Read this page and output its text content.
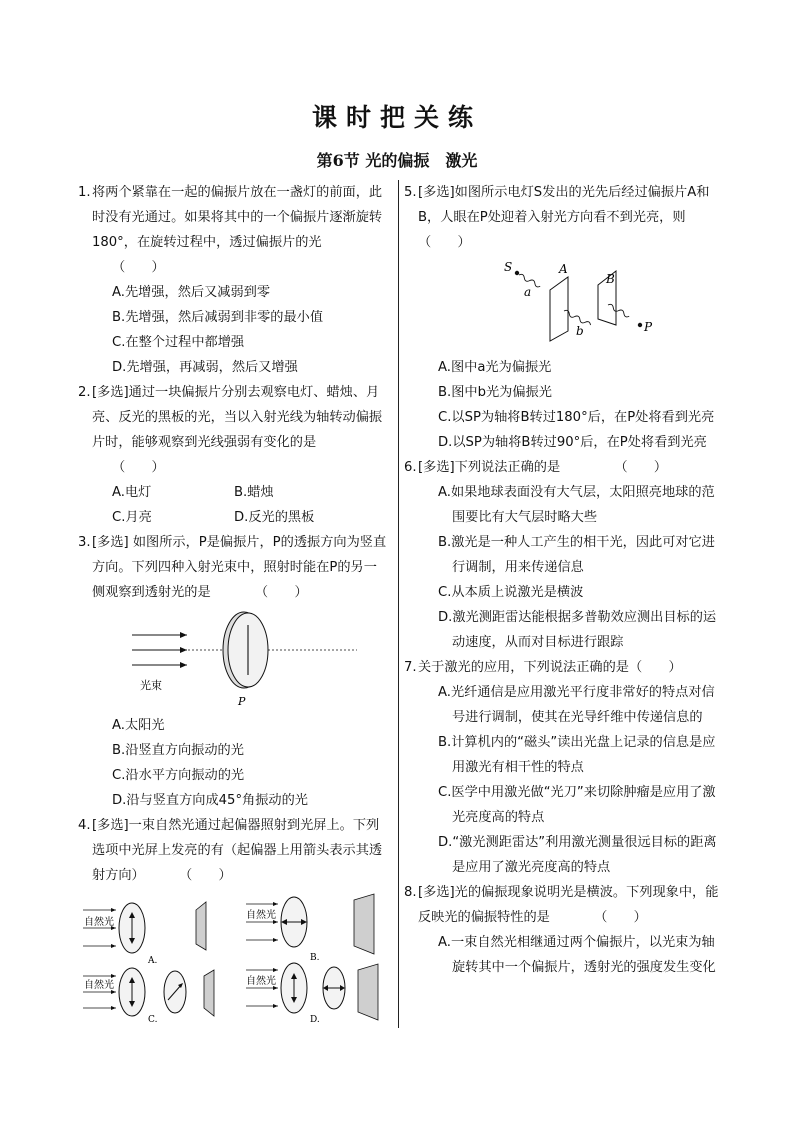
课时把关练
第6节 光的偏振　激光
1. 将两个紧靠在一起的偏振片放在一盏灯的前面，此时没有光通过。如果将其中的一个偏振片逐渐旋转180°，在旋转过程中，透过偏振片的光
（　　）
A.先增强，然后又减弱到零
B.先增强，然后减弱到非零的最小值
C.在整个过程中都增强
D.先增强，再减弱，然后又增强
2. [多选]通过一块偏振片分别去观察电灯、蜡烛、月亮、反光的黑板的光，当以入射光线为轴转动偏振片时，能够观察到光线强弱有变化的是
（　　）
A.电灯	B.蜡烛
C.月亮	D.反光的黑板
3. [多选] 如图所示，P是偏振片，P的透振方向为竖直方向。下列四种入射光束中，照射时能在P的另一侧观察到透射光的是	（　　）
光束
P
A.太阳光
B.沿竖直方向振动的光
C.沿水平方向振动的光
D.沿与竖直方向成45°角振动的光
4. [多选]一束自然光通过起偏器照射到光屏上。下列选项中光屏上发亮的有（起偏器上用箭头表示其透射方向）	（　　）
自然光
A.
自然光
B.
自然光
C.
自然光
D.
5. [多选]如图所示电灯S发出的光先后经过偏振片A和B，人眼在P处迎着入射光方向看不到光亮，则
（　　）
S	A
B
a
b	P
A.图中a光为偏振光
B.图中b光为偏振光
C.以SP为轴将B转过180°后，在P处将看到光亮
D.以SP为轴将B转过90°后，在P处将看到光亮
6. [多选]下列说法正确的是	（　　）
A.如果地球表面没有大气层，太阳照亮地球的范围要比有大气层时略大些
B.激光是一种人工产生的相干光，因此可对它进行调制，用来传递信息
C.从本质上说激光是横波
D.激光测距雷达能根据多普勒效应测出目标的运动速度，从而对目标进行跟踪
7. 关于激光的应用，下列说法正确的是（　　）
A.光纤通信是应用激光平行度非常好的特点对信号进行调制，使其在光导纤维中传递信息的
B.计算机内的“磁头”读出光盘上记录的信息是应用激光有相干性的特点
C.医学中用激光做“光刀”来切除肿瘤是应用了激光亮度高的特点
D.“激光测距雷达”利用激光测量很远目标的距离是应用了激光亮度高的特点
8. [多选]光的偏振现象说明光是横波。下列现象中，能反映光的偏振特性的是	（　　）
A.一束自然光相继通过两个偏振片，以光束为轴旋转其中一个偏振片，透射光的强度发生变化
